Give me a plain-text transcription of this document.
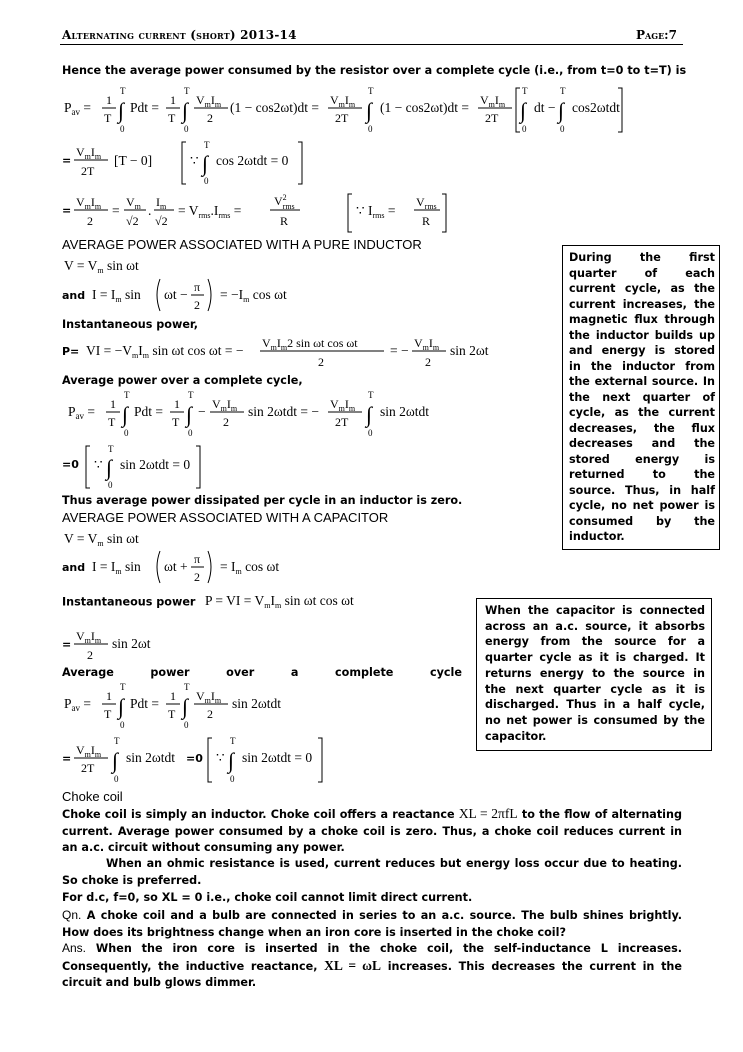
Alternating current (short) 2013-14	Page:7
Hence the average power consumed by the resistor over a complete cycle (i.e., from t=0 to t=T) is
$P_{av} = 1$
T ∫
T
0
Pdt = 1
T ∫
T
0
$V_mI_m$
2
$(1 - \cos 2\omega t)dt = V_mI_m$
2T ∫
T
0
$(1 - \cos 2\omega t)dt = V_mI_m$
2T ∫
T
0
dt − ∫
T
0
cos2ωtdt
=
$V_mI_m$
2T
[T − 0]	∵ ∫
T
0
cos 2ωtdt = 0
=
$V_mI_m$
2
=
$V_m$
√2
.
$I_m$
√2
= $V_{rms}.I_{rms}$ =
$V^2$ rms
R
∵ $I_{rms}$ =
$V_{rms}$
R
AVERAGE POWER ASSOCIATED WITH A PURE INDUCTOR
$V = V_m$ sin ωt
and $I = I_m$ sin ωt − π
2
= $-I_m$ cos ωt
Instantaneous power,
P= VI = $-V_mI_m$ sin ωt cos ωt = − $V_mI_m2$ sin ωt cos ωt
2
= − $V_mI_m$
2
sin 2ωt
Average power over a complete cycle,
$P_{av} = 1$
T ∫
T
0
Pdt = 1
T ∫
T
0
− $V_mI_m$
2
sin 2ωtdt = − $V_mI_m$
2T ∫
T
0
sin 2ωtdt
=0 ∵ ∫
T
0
sin 2ωtdt = 0
Thus average power dissipated per cycle in an inductor is zero.
During the first quarter of each current cycle, as the current increases, the magnetic flux through the inductor builds up and energy is stored in the inductor from the external source. In the next quarter of cycle, as the current decreases, the flux decreases and the stored energy is returned to the source. Thus, in half cycle, no net power is consumed by the inductor.
AVERAGE POWER ASSOCIATED WITH A CAPACITOR
$V = V_m$ sin ωt
and $I = I_m$ sin ωt + π
2
= $I_m$ cos ωt
Instantaneous power P = VI = $V_mI_m$ sin ωt cos ωt
=
$V_mI_m$
2
sin 2ωt
Average	power	over	a	complete	cycle
$P_{av} = 1$
T ∫
T
0
Pdt = 1
T ∫
T
0
$V_mI_m$
2
sin 2ωtdt
=
$V_mI_m$
2T ∫
T
0
sin 2ωtdt =0 ∵ ∫
T
0
sin 2ωtdt = 0
When the capacitor is connected across an a.c. source, it absorbs energy from the source for a quarter cycle as it is charged. It returns energy to the source in the next quarter cycle as it is discharged. Thus in a half cycle, no net power is consumed by the capacitor.
Choke coil
Choke coil is simply an inductor. Choke coil offers a reactance XL = 2πfL to the flow of alternating current. Average power consumed by a choke coil is zero. Thus, a choke coil reduces current in an a.c. circuit without consuming any power.
When an ohmic resistance is used, current reduces but energy loss occur due to heating. So choke is preferred.
For d.c, f=0, so XL = 0 i.e., choke coil cannot limit direct current.
Qn. A choke coil and a bulb are connected in series to an a.c. source. The bulb shines brightly. How does its brightness change when an iron core is inserted in the choke coil?
Ans. When the iron core is inserted in the choke coil, the self-inductance L increases. Consequently, the inductive reactance, XL = ωL increases. This decreases the current in the circuit and bulb glows dimmer.
